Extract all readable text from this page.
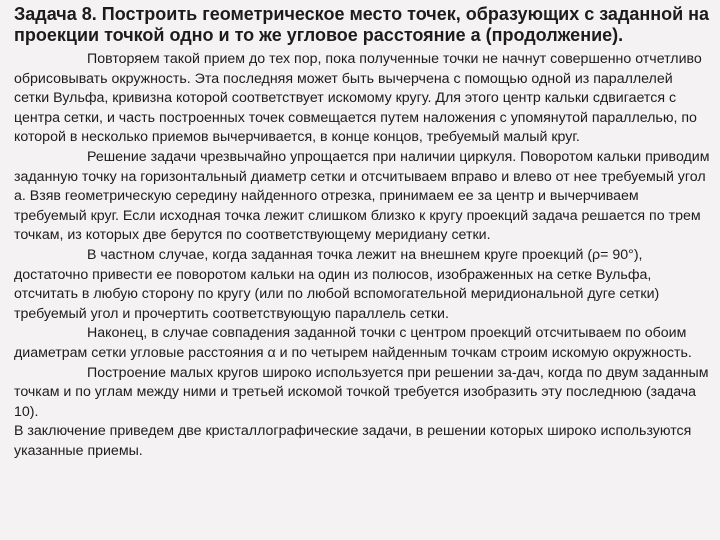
Задача 8. Построить геометрическое место точек, образующих с заданной на проекции точкой одно и то же угловое расстояние а (продолжение).

Повторяем такой прием до тех пор, пока полученные точки не начнут совершенно отчетливо обрисовывать окружность. Эта последняя может быть вычерчена с помощью одной из параллелей сетки Вульфа, кривизна которой соответствует искомому кругу. Для этого центр кальки сдвигается с центра сетки, и часть построенных точек совмещается путем наложения с упомянутой параллелью, по которой в несколько приемов вычерчивается, в конце концов, требуемый малый круг.

Решение задачи чрезвычайно упрощается при наличии циркуля. Поворотом кальки приводим заданную точку на горизонтальный диаметр сетки и отсчитываем вправо и влево от нее требуемый угол а. Взяв геометрическую середину найденного отрезка, принимаем ее за центр и вычерчиваем требуемый круг. Если исходная точка лежит слишком близко к кругу проекций задача решается по трем точкам, из которых две берутся по соответствующему меридиану сетки.

В частном случае, когда заданная точка лежит на внешнем круге проекций (ρ= 90°), достаточно привести ее поворотом кальки на один из полюсов, изображенных на сетке Вульфа, отсчитать в любую сторону по кругу (или по любой вспомогательной меридиональной дуге сетки) требуемый угол и прочертить соответствующую параллель сетки.

Наконец, в случае совпадения заданной точки с центром проекций отсчитываем по обоим диаметрам сетки угловые расстояния α и по четырем найденным точкам строим искомую окружность.

Построение малых кругов широко используется при решении за-дач, когда по двум заданным точкам и по углам между ними и третьей искомой точкой требуется изобразить эту последнюю (задача 10).

В заключение приведем две кристаллографические задачи, в решении которых широко используются указанные приемы.
